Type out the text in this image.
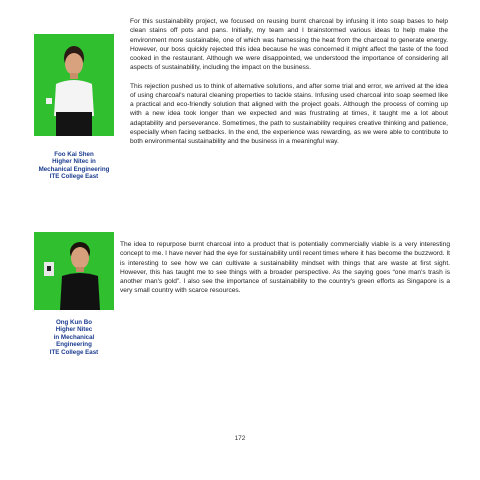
Foo Kai Shen
Higher Nitec in
Mechanical Engineering
ITE College East

For this sustainability project, we focused on reusing burnt charcoal by infusing it into soap bases to help clean stains off pots and pans. Initially, my team and I brainstormed various ideas to help make the environment more sustainable, one of which was harnessing the heat from the charcoal to generate energy. However, our boss quickly rejected this idea because he was concerned it might affect the taste of the food cooked in the restaurant. Although we were disappointed, we understood the importance of considering all aspects of sustainability, including the impact on the business.

This rejection pushed us to think of alternative solutions, and after some trial and error, we arrived at the idea of using charcoal's natural cleaning properties to tackle stains. Infusing used charcoal into soap seemed like a practical and eco-friendly solution that aligned with the project goals. Although the process of coming up with a new idea took longer than we expected and was frustrating at times, it taught me a lot about adaptability and perseverance. Sometimes, the path to sustainability requires creative thinking and patience, especially when facing setbacks. In the end, the experience was rewarding, as we were able to contribute to both environmental sustainability and the business in a meaningful way.

Ong Kun Bo
Higher Nitec
in Mechanical
Engineering
ITE College East

The idea to repurpose burnt charcoal into a product that is potentially commercially viable is a very interesting concept to me. I have never had the eye for sustainability until recent times where it has become the buzzword. It is interesting to see how we can cultivate a sustainability mindset with things that are waste at first sight. However, this has taught me to see things with a broader perspective. As the saying goes “one man's trash is another man's gold”. I also see the importance of sustainability to the country's green efforts as Singapore is a very small country with scarce resources.

172
